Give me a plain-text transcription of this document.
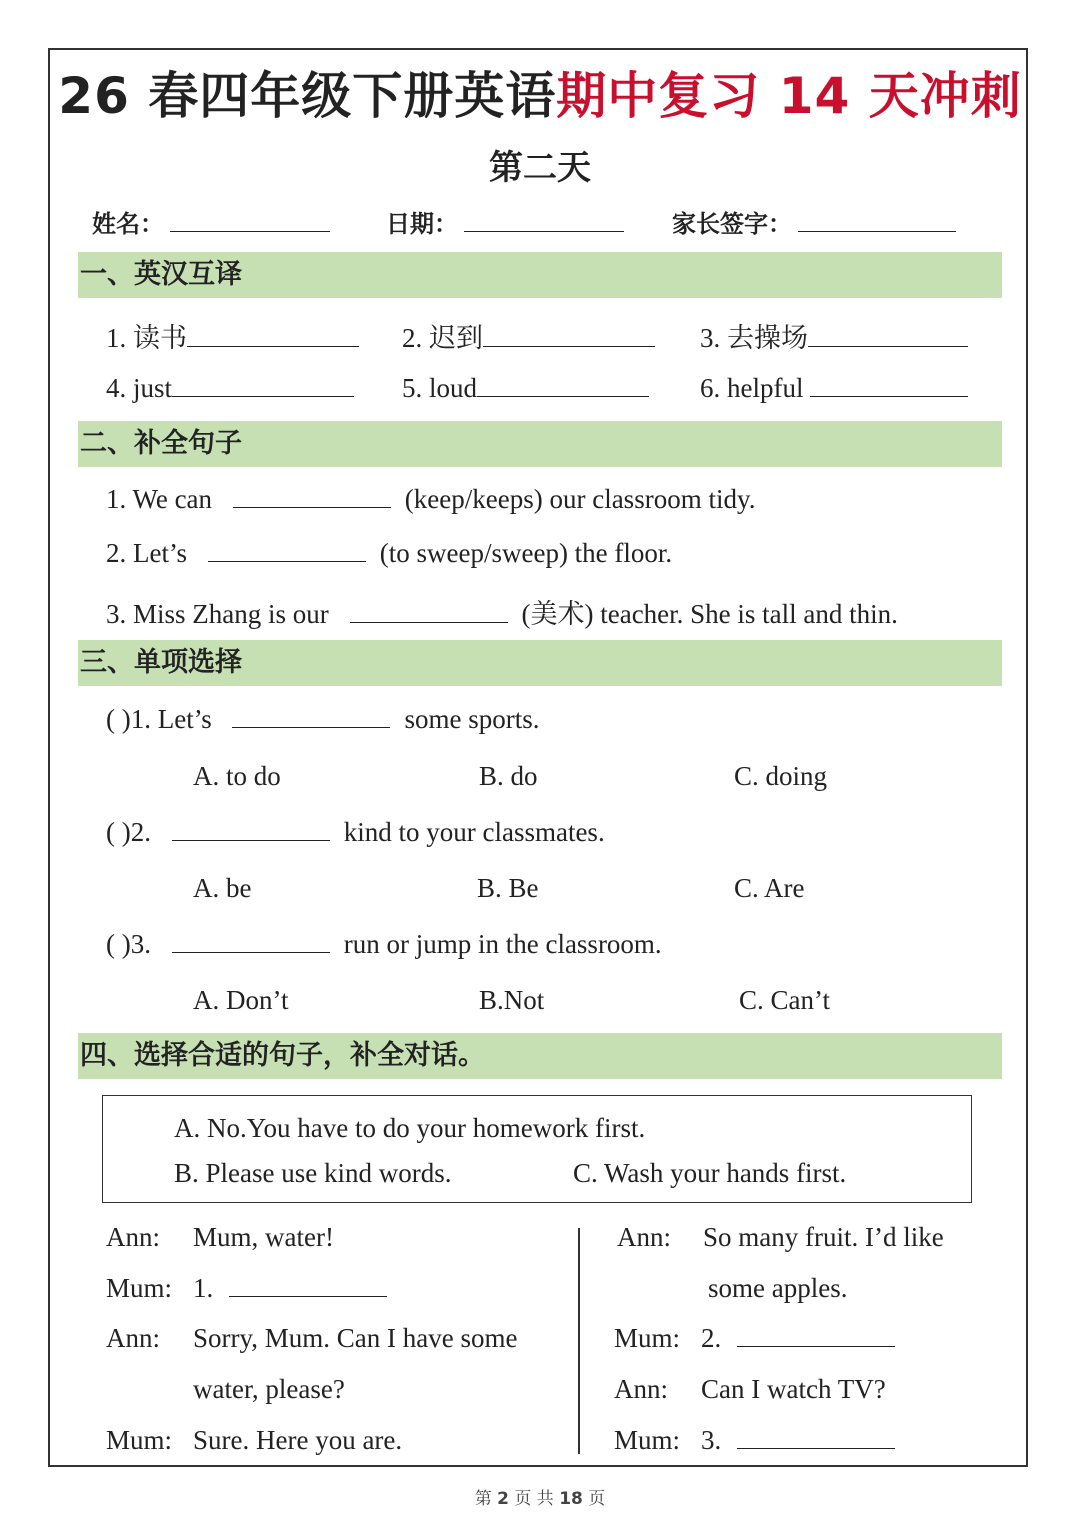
26 春四年级下册英语期中复习 14 天冲刺
第二天
姓名：	日期：	家长签字：
一、英汉互译
1. 读书	2. 迟到	3. 去操场
4. just	5. loud	6. helpful
二、补全句子
1. We can	(keep/keeps) our classroom tidy.
2. Let’s	(to sweep/sweep) the floor.
3. Miss Zhang is our	(美术) teacher. She is tall and thin.
三、单项选择
( )1. Let’s	some sports.
A. to do	B. do	C. doing
( )2.	kind to your classmates.
A. be	B. Be	C. Are
( )3.	run or jump in the classroom.
A. Don’t	B.Not	C. Can’t
四、选择合适的句子，补全对话。
A. No.You have to do your homework first.
B. Please use kind words.	C. Wash your hands first.
Ann: Mum, water!
Mum: 1.
Ann: Sorry, Mum. Can I have some
water, please?
Mum: Sure. Here you are.
Ann: So many fruit. I’d like
some apples.
Mum: 2.
Ann: Can I watch TV?
Mum: 3.
第 2 页 共 18 页
